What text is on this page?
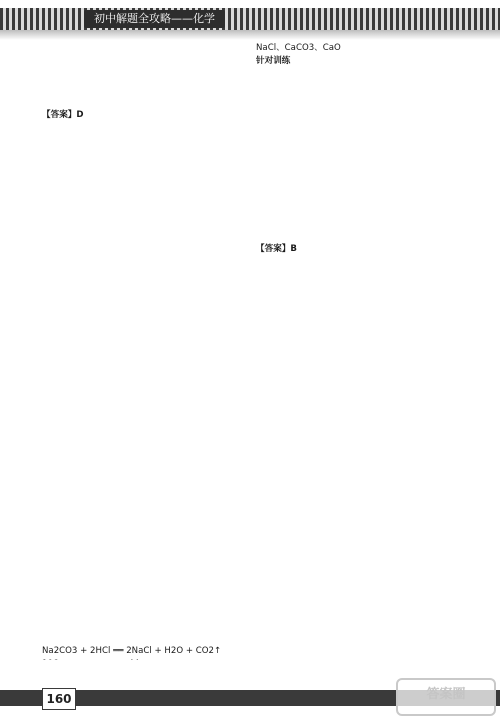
初中解题全攻略——化学
【答案】D
Na2CO3 + 2HCl ══ 2NaCl + H2O + CO2↑
NaCl、CaCO3、CaO
针对训练
【答案】B
160	答案圈
